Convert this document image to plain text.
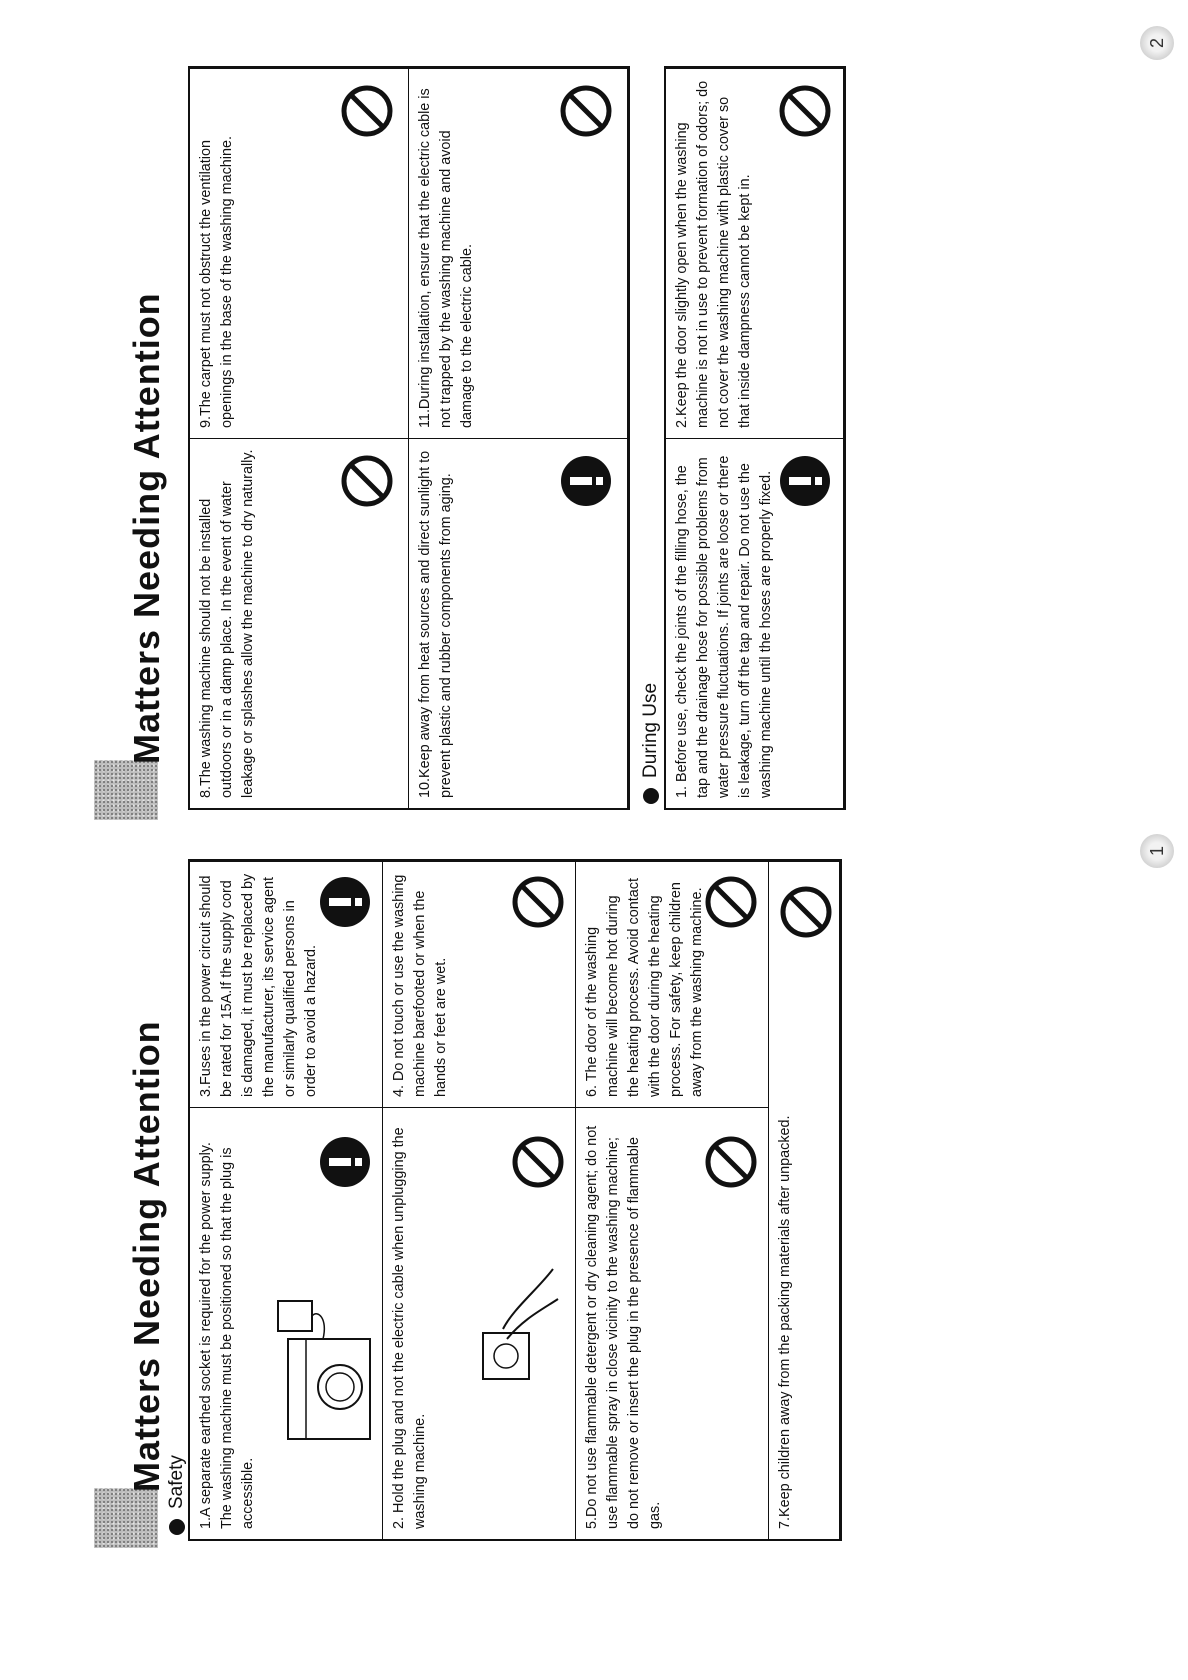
Matters Needing Attention Safety 1.A separate earthed socket is required for the power supply. The washing machine must be positioned so that the plug is accessible.	2. Hold the plug and not the electric cable when unplugging the washing machine.
3.Fuses in the power circuit should be rated for 15A.If the supply cord is damaged, it must be replaced by the manufacturer, its service agent or similarly qualified persons in order to avoid a hazard.	4. Do not touch or use the washing machine barefooted or when the hands or feet are wet.
5.Do not use flammable detergent or dry cleaning agent; do not use flammable spray in close vicinity to the washing machine; do not remove or insert the plug in the presence of flammable gas.
6. The door of the washing machine will become hot during the heating process. Avoid contact with the door during the heating process. For safety, keep children away from the washing machine.
7.Keep children away from the packing materials after unpacked.
1
Matters Needing Attention 8.The washing machine should not be installed outdoors or in a damp place. In the event of water leakage or splashes allow the machine to dry naturally.
9.The carpet must not obstruct the ventilation openings in the base of the washing machine.
10.Keep away from heat sources and direct sunlight to prevent plastic and rubber components from aging.
11.During installation, ensure that the electric cable is not trapped by the washing machine and avoid damage to the electric cable.
During Use 1. Before use, check the joints of the filling hose, the tap and the drainage hose for possible problems from water pressure fluctuations. If joints are loose or there is leakage, turn off the tap and repair. Do not use the washing machine until the hoses are properly fixed.
2.Keep the door slightly open when the washing machine is not in use to prevent formation of odors; do not cover the washing machine with plastic cover so that inside dampness cannot be kept in.
2
